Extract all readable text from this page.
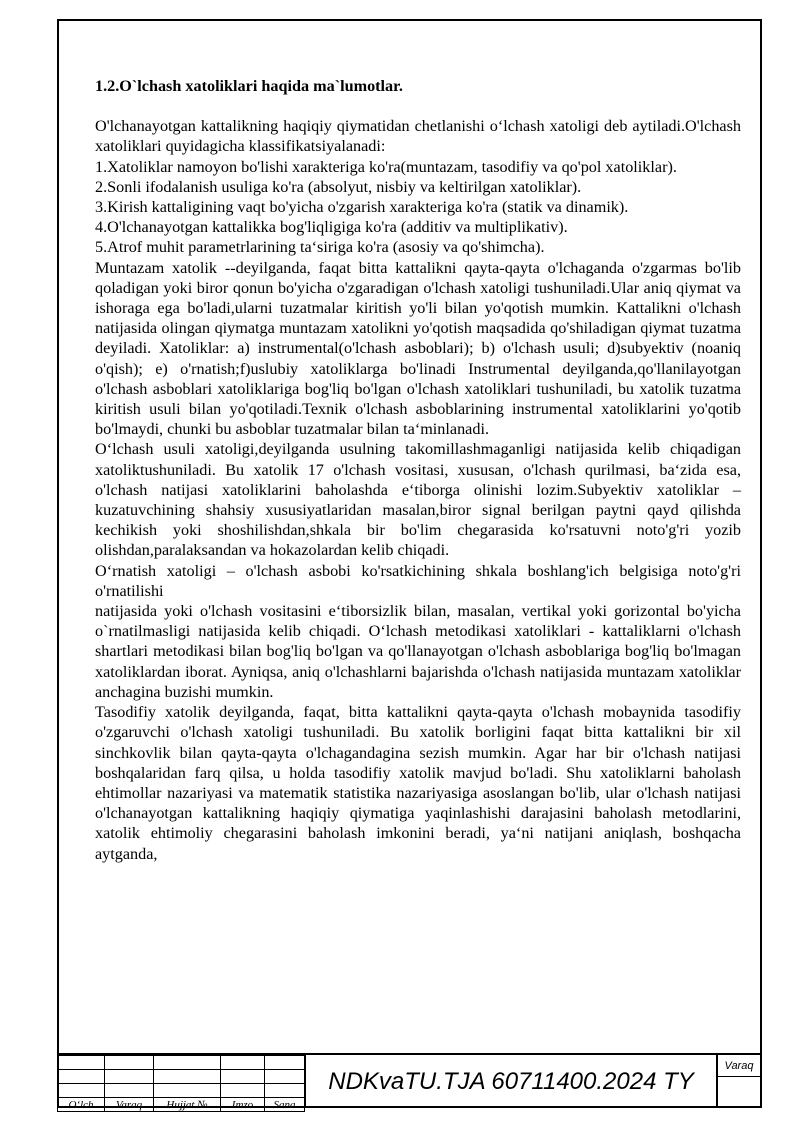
1.2.O`lchash xatoliklari haqida ma`lumotlar.

O'lchanayotgan kattalikning haqiqiy qiymatidan chetlanishi o‘lchash xatoligi deb aytiladi.O'lchash xatoliklari quyidagicha klassifikatsiyalanadi:

1.Xatoliklar namoyon bo'lishi xarakteriga ko'ra(muntazam, tasodifiy va qo'pol xatoliklar).

2.Sonli ifodalanish usuliga ko'ra (absolyut, nisbiy va keltirilgan xatoliklar).

3.Kirish kattaligining vaqt bo'yicha o'zgarish xarakteriga ko'ra (statik va dinamik).

4.O'lchanayotgan kattalikka bog'liqligiga ko'ra (additiv va multiplikativ).

5.Atrof muhit parametrlarining ta‘siriga ko'ra (asosiy va qo'shimcha).

Muntazam xatolik --deyilganda, faqat bitta kattalikni qayta-qayta o'lchaganda o'zgarmas bo'lib qoladigan yoki biror qonun bo'yicha o'zgaradigan o'lchash xatoligi tushuniladi.Ular aniq qiymat va ishoraga ega bo'ladi,ularni tuzatmalar kiritish yo'li bilan yo'qotish mumkin. Kattalikni o'lchash natijasida olingan qiymatga muntazam xatolikni yo'qotish maqsadida qo'shiladigan qiymat tuzatma deyiladi. Xatoliklar: a) instrumental(o'lchash asboblari); b) o'lchash usuli; d)subyektiv (noaniq o'qish); e) o'rnatish;f)uslubiy xatoliklarga bo'linadi Instrumental deyilganda,qo'llanilayotgan o'lchash asboblari xatoliklariga bog'liq bo'lgan o'lchash xatoliklari tushuniladi, bu xatolik tuzatma kiritish usuli bilan yo'qotiladi.Texnik o'lchash asboblarining instrumental xatoliklarini yo'qotib bo'lmaydi, chunki bu asboblar tuzatmalar bilan ta‘minlanadi.

O‘lchash usuli xatoligi,deyilganda usulning takomillashmaganligi natijasida kelib chiqadigan xatoliktushuniladi. Bu xatolik 17 o'lchash vositasi, xususan, o'lchash qurilmasi, ba‘zida esa, o'lchash natijasi xatoliklarini baholashda e‘tiborga olinishi lozim.Subyektiv xatoliklar – kuzatuvchining shahsiy xususiyatlaridan masalan,biror signal berilgan paytni qayd qilishda kechikish yoki shoshilishdan,shkala bir bo'lim chegarasida ko'rsatuvni noto'g'ri yozib olishdan,paralaksandan va hokazolardan kelib chiqadi.

O‘rnatish xatoligi – o'lchash asbobi ko'rsatkichining shkala boshlang'ich belgisiga noto'g'ri o'rnatilishi

natijasida yoki o'lchash vositasini e‘tiborsizlik bilan, masalan, vertikal yoki gorizontal bo'yicha o`rnatilmasligi natijasida kelib chiqadi. O‘lchash metodikasi xatoliklari - kattaliklarni o'lchash shartlari metodikasi bilan bog'liq bo'lgan va qo'llanayotgan o'lchash asboblariga bog'liq bo'lmagan xatoliklardan iborat. Ayniqsa, aniq o'lchashlarni bajarishda o'lchash natijasida muntazam xatoliklar anchagina buzishi mumkin.

Tasodifiy xatolik deyilganda, faqat, bitta kattalikni qayta-qayta o'lchash mobaynida tasodifiy o'zgaruvchi o'lchash xatoligi tushuniladi. Bu xatolik borligini faqat bitta kattalikni bir xil sinchkovlik bilan qayta-qayta o'lchagandagina sezish mumkin. Agar har bir o'lchash natijasi boshqalaridan farq qilsa, u holda tasodifiy xatolik mavjud bo'ladi. Shu xatoliklarni baholash ehtimollar nazariyasi va matematik statistika nazariyasiga asoslangan bo'lib, ular o'lchash natijasi o'lchanayotgan kattalikning haqiqiy qiymatiga yaqinlashishi darajasini baholash metodlarini, xatolik ehtimoliy chegarasini baholash imkonini beradi, ya‘ni natijani aniqlash, boshqacha aytganda,

O‘lch	Varaq	Hujjat №	Imzo	Sana
NDKvaTU.TJA 60711400.2024 TY
Varaq
